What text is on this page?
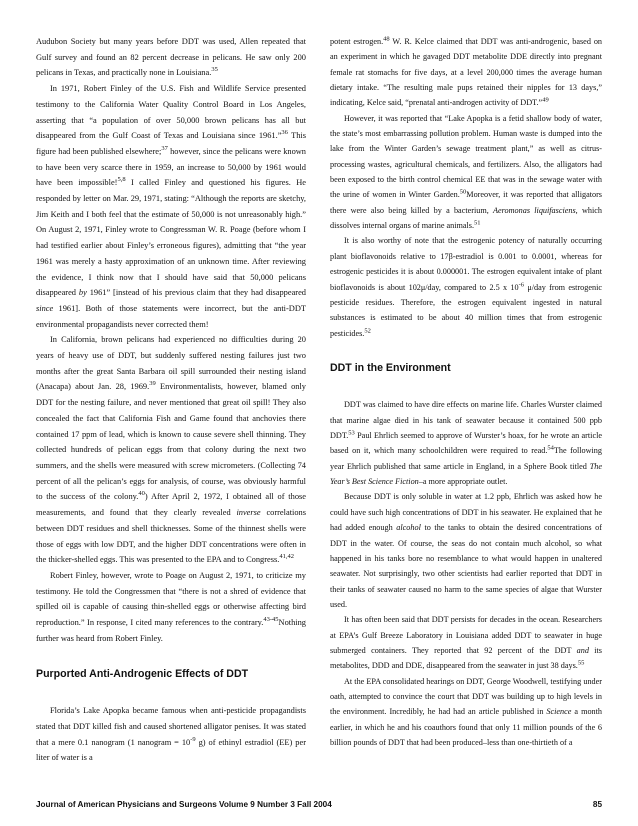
Audubon Society but many years before DDT was used, Allen repeated that Gulf survey and found an 82 percent decrease in pelicans. He saw only 200 pelicans in Texas, and practically none in Louisiana.$^{35}$

In 1971, Robert Finley of the U.S. Fish and Wildlife Service presented testimony to the California Water Quality Control Board in Los Angeles, asserting that “a population of over 50,000 brown pelicans has all but disappeared from the Gulf Coast of Texas and Louisiana since 1961.”$^{36}$ This figure had been published elsewhere;$^{37}$ however, since the pelicans were known to have been very scarce there in 1959, an increase to 50,000 by 1961 would have been impossible!$^{5,8}$ I called Finley and questioned his figures. He responded by letter on Mar. 29, 1971, stating: “Although the reports are sketchy, Jim Keith and I both feel that the estimate of 50,000 is not unreasonably high.” On August 2, 1971, Finley wrote to Congressman W. R. Poage (before whom I had testified earlier about Finley’s erroneous figures), admitting that “the year 1961 was merely a hasty approximation of an unknown time. After reviewing the evidence, I think now that I should have said that 50,000 pelicans disappeared by 1961” [instead of his previous claim that they had disappeared since 1961]. Both of those statements were incorrect, but the anti-DDT environmental propagandists never corrected them!

In California, brown pelicans had experienced no difficulties during 20 years of heavy use of DDT, but suddenly suffered nesting failures just two months after the great Santa Barbara oil spill surrounded their nesting island (Anacapa) about Jan. 28, 1969.39 Environmentalists, however, blamed only DDT for the nesting failure, and never mentioned that great oil spill! They also concealed the fact that California Fish and Game found that anchovies there contained 17 ppm of lead, which is known to cause severe shell thinning. They collected hundreds of pelican eggs from that colony during the next two summers, and the shells were measured with screw micrometers. (Collecting 74 percent of all the pelican’s eggs for analysis, of course, was obviously harmful to the success of the colony.$^{40}$) After April 2, 1972, I obtained all of those measurements, and found that they clearly revealed inverse correlations between DDT residues and shell thicknesses. Some of the thinnest shells were those of eggs with low DDT, and the higher DDT concentrations were often in the thicker-shelled eggs. This was presented to the EPA and to Congress.$^{41,42}$

Robert Finley, however, wrote to Poage on August 2, 1971, to criticize my testimony. He told the Congressmen that “there is not a shred of evidence that spilled oil is capable of causing thin-shelled eggs or otherwise affecting bird reproduction.” In response, I cited many references to the contrary.$^{43-45}$Nothing further was heard from Robert Finley.

Purported Anti-Androgenic Effects of DDT

Florida’s Lake Apopka became famous when anti-pesticide propagandists stated that DDT killed fish and caused shortened alligator penises. It was stated that a mere 0.1 nanogram (1 nanogram = $10^{-9}$ g) of ethinyl estradiol (EE) per liter of water is a

potent estrogen.$^{48}$ W. R. Kelce claimed that DDT was anti-androgenic, based on an experiment in which he gavaged DDT metabolite DDE directly into pregnant female rat stomachs for five days, at a level 200,000 times the average human dietary intake. “The resulting male pups retained their nipples for 13 days,” indicating, Kelce said, “prenatal anti-androgen activity of DDT.”$^{49}$

However, it was reported that “Lake Apopka is a fetid shallow body of water, the state’s most embarrassing pollution problem. Human waste is dumped into the lake from the Winter Garden’s sewage treatment plant,” as well as citrus-processing wastes, agricultural chemicals, and fertilizers. Also, the alligators had been exposed to the birth control chemical EE that was in the sewage water with the urine of women in Winter Garden.$^{50}$Moreover, it was reported that alligators there were also being killed by a bacterium, Aeromonas liquifasciens, which dissolves internal organs of marine animals.$^{51}$

It is also worthy of note that the estrogenic potency of naturally occurring plant bioflavonoids relative to 17β-estradiol is 0.001 to 0.0001, whereas for estrogenic pesticides it is about 0.000001. The estrogen equivalent intake of plant bioflavonoids is about 102μ/day, compared to 2.5 x $10^{-6}$ μ/day from estrogenic pesticide residues. Therefore, the estrogen equivalent ingested in natural substances is estimated to be about 40 million times that from estrogenic pesticides.$^{52}$

DDT in the Environment

DDT was claimed to have dire effects on marine life. Charles Wurster claimed that marine algae died in his tank of seawater because it contained 500 ppb DDT.$^{53}$ Paul Ehrlich seemed to approve of Wurster’s hoax, for he wrote an article based on it, which many schoolchildren were required to read.$^{54}$The following year Ehrlich published that same article in England, in a Sphere Book titled The Year’s Best Science Fiction–a more appropriate outlet.

Because DDT is only soluble in water at 1.2 ppb, Ehrlich was asked how he could have such high concentrations of DDT in his seawater. He explained that he had added enough alcohol to the tanks to obtain the desired concentrations of DDT in the water. Of course, the seas do not contain much alcohol, so what happened in his tanks bore no resemblance to what would happen in unaltered seawater. Not surprisingly, two other scientists had earlier reported that DDT in their tanks of seawater caused no harm to the same species of algae that Wurster used.

It has often been said that DDT persists for decades in the ocean. Researchers at EPA’s Gulf Breeze Laboratory in Louisiana added DDT to seawater in huge submerged containers. They reported that 92 percent of the DDT and its metabolites, DDD and DDE, disappeared from the seawater in just 38 days.$^{55}$

At the EPA consolidated hearings on DDT, George Woodwell, testifying under oath, attempted to convince the court that DDT was building up to high levels in the environment. Incredibly, he had had an article published in Science a month earlier, in which he and his coauthors found that only 11 million pounds of the 6 billion pounds of DDT that had been produced–less than one-thirtieth of a

Journal of American Physicians and Surgeons Volume 9 Number 3 Fall 2004	85
